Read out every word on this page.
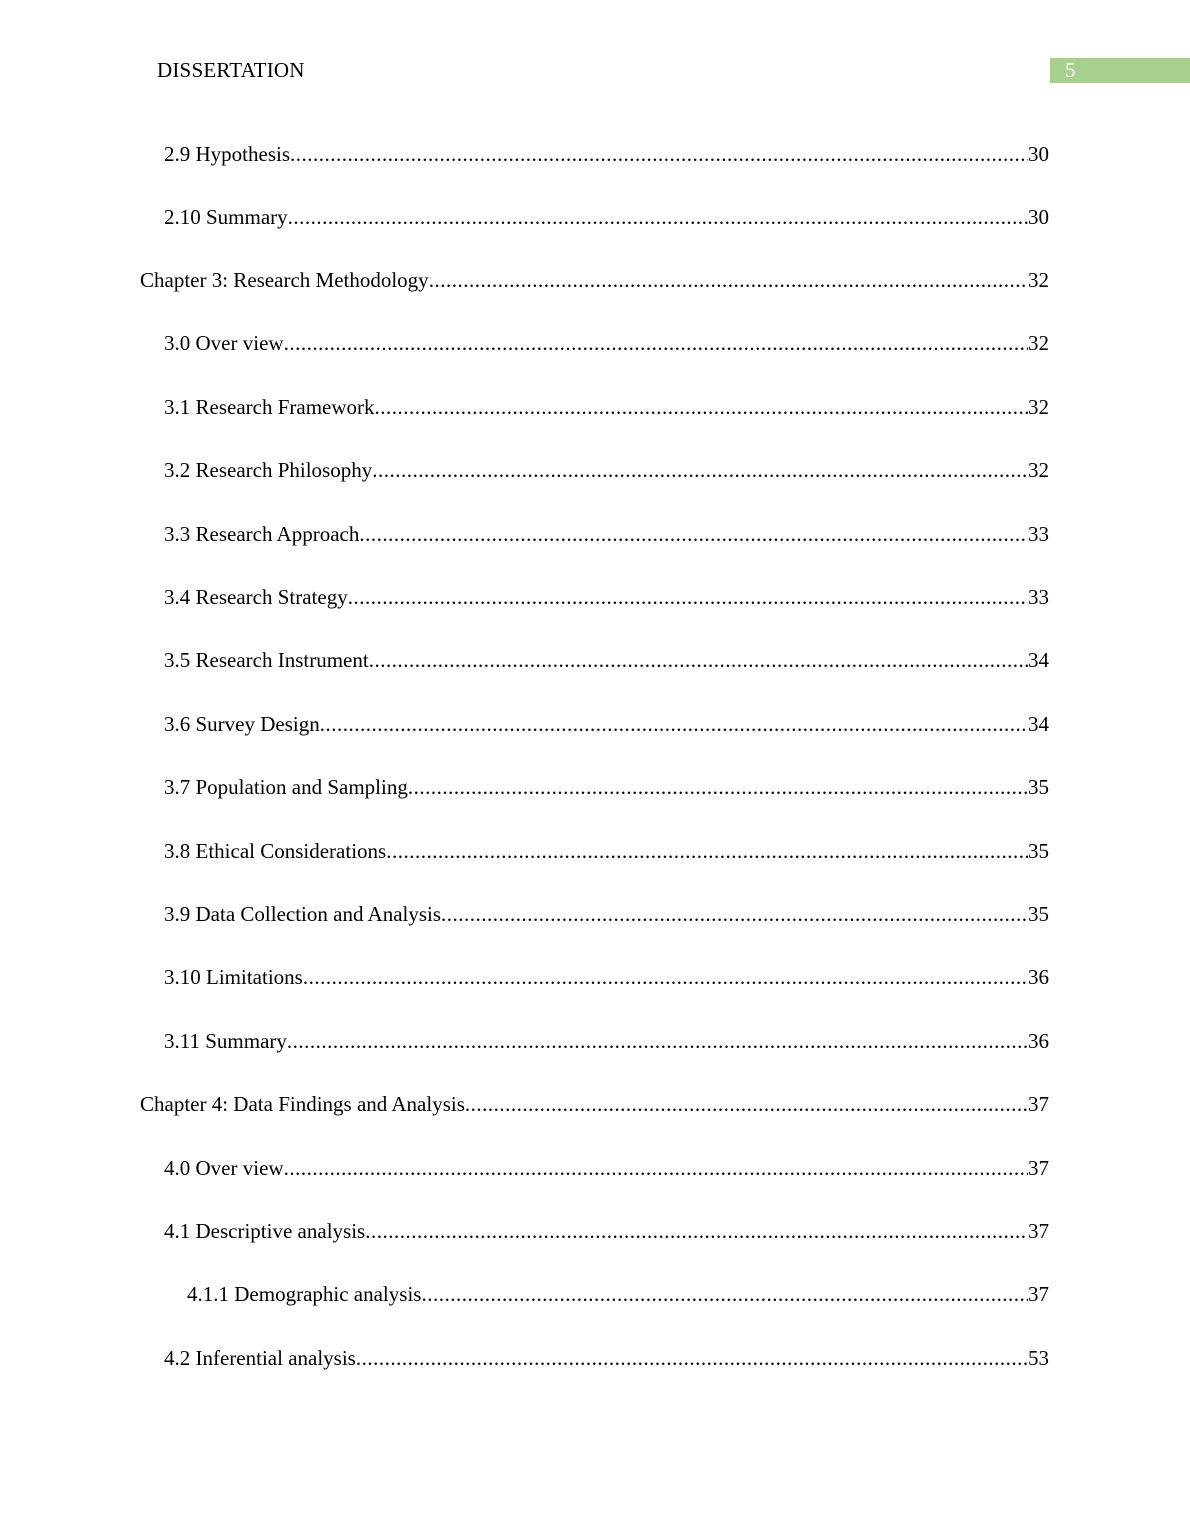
DISSERTATION	5
2.9 Hypothesis .....	30
2.10 Summary .....	30
Chapter 3: Research Methodology .....	32
3.0 Over view .....	32
3.1 Research Framework .....	32
3.2 Research Philosophy .....	32
3.3 Research Approach .....	33
3.4 Research Strategy .....	33
3.5 Research Instrument .....	34
3.6 Survey Design .....	34
3.7 Population and Sampling .....	35
3.8 Ethical Considerations .....	35
3.9 Data Collection and Analysis .....	35
3.10 Limitations .....	36
3.11 Summary .....	36
Chapter 4: Data Findings and Analysis .....	37
4.0 Over view .....	37
4.1 Descriptive analysis .....	37
4.1.1 Demographic analysis .....	37
4.2 Inferential analysis .....	53
